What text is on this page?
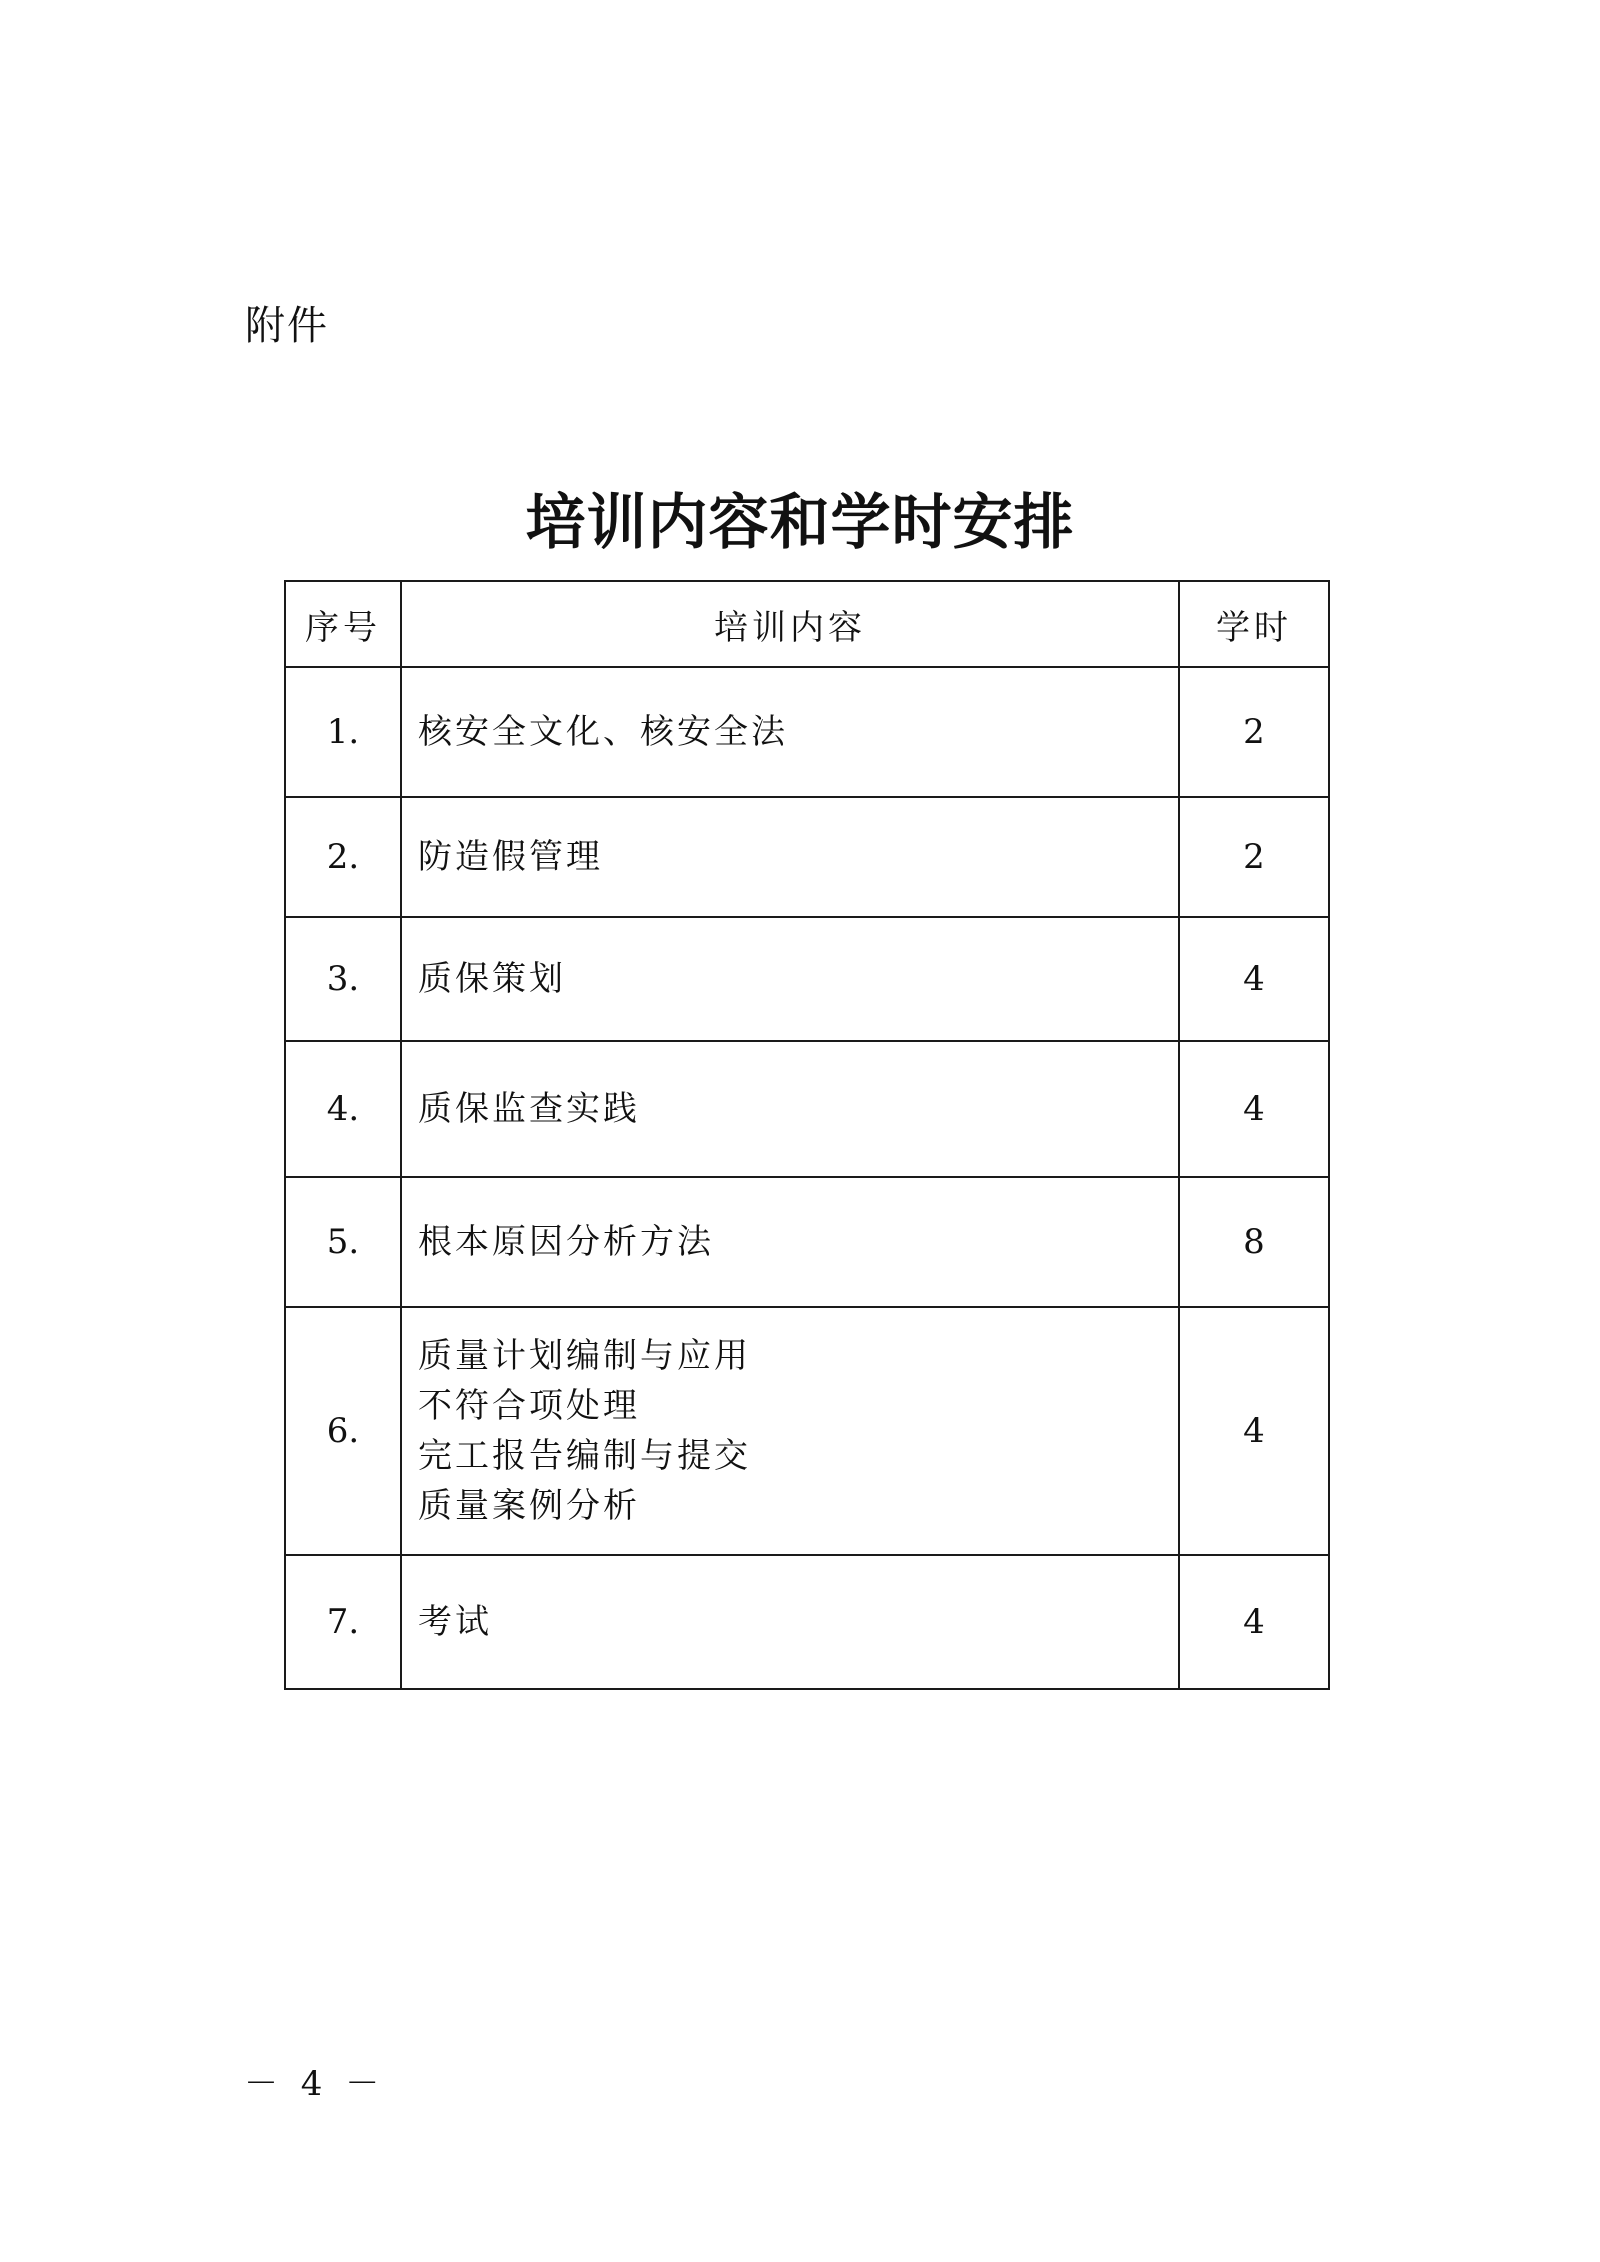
附件
培训内容和学时安排
序号	培训内容	学时
1.	核安全文化、核安全法	2
2.	防造假管理	2
3.	质保策划	4
4.	质保监查实践	4
5.	根本原因分析方法	8
6.	质量计划编制与应用
不符合项处理
完工报告编制与提交
质量案例分析	4
7.	考试	4
－ 4 －
